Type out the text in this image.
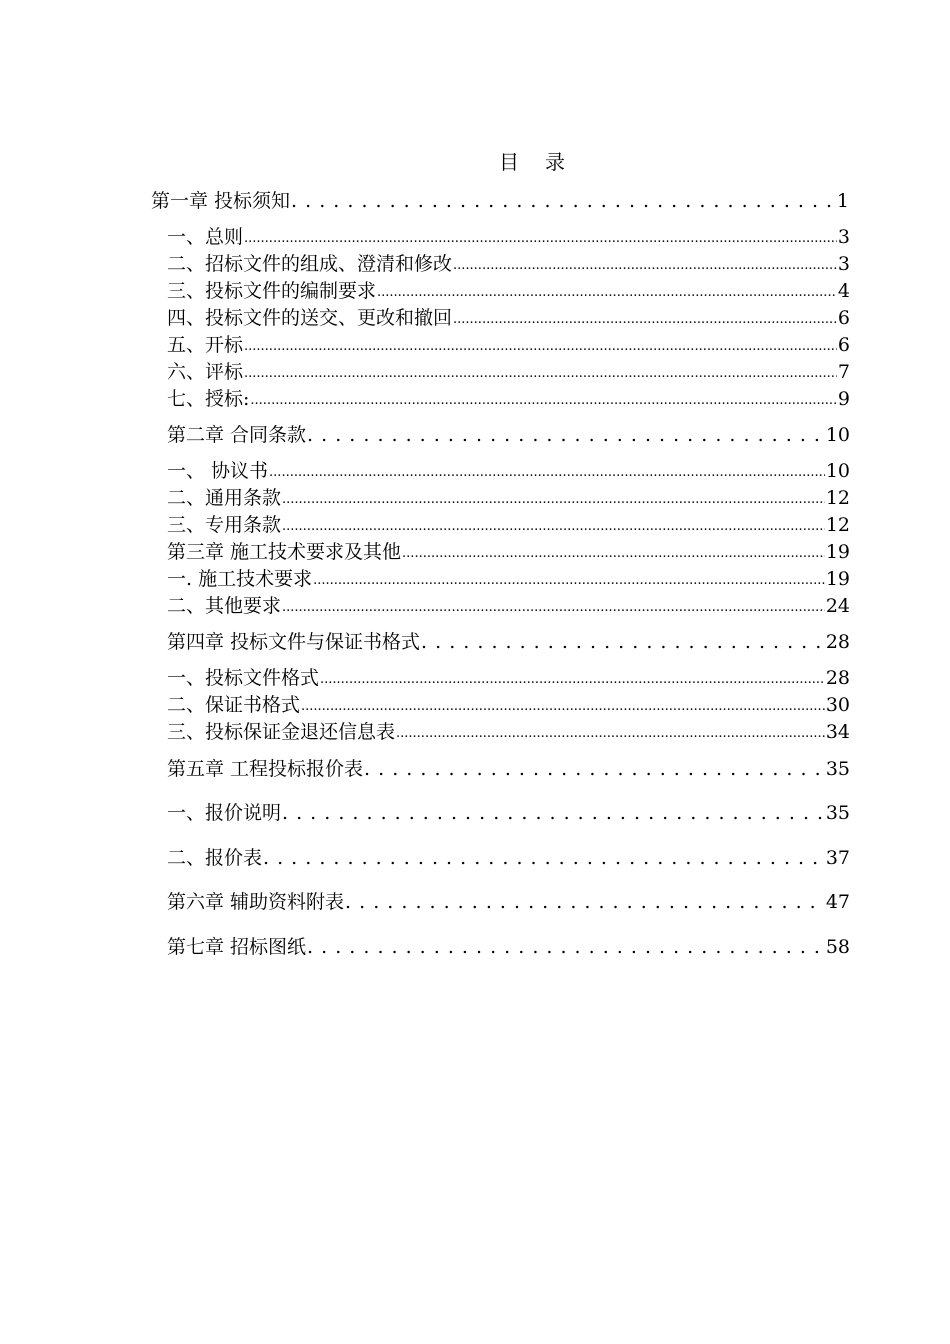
目 录
第一章 投标须知 . . .	1
一、总则 .....	3
二、招标文件的组成、澄清和修改 .....	3
三、投标文件的编制要求 .....	4
四、投标文件的送交、更改和撤回 .....	6
五、开标 .....	6
六、评标 .....	7
七、授标: .....	9
第二章 合同条款 . . .	10
一、 协议书 .....	10
二、通用条款 .....	12
三、专用条款 .....	12
第三章 施工技术要求及其他 .....	19
一. 施工技术要求 .....	19
二、其他要求 .....	24
第四章 投标文件与保证书格式 . . .	28
一、投标文件格式 .....	28
二、保证书格式 .....	30
三、投标保证金退还信息表 .....	34
第五章 工程投标报价表 . . .	35
一、报价说明 . . .	35
二、报价表 . . .	37
第六章 辅助资料附表 . . .	47
第七章 招标图纸 . . .	58
